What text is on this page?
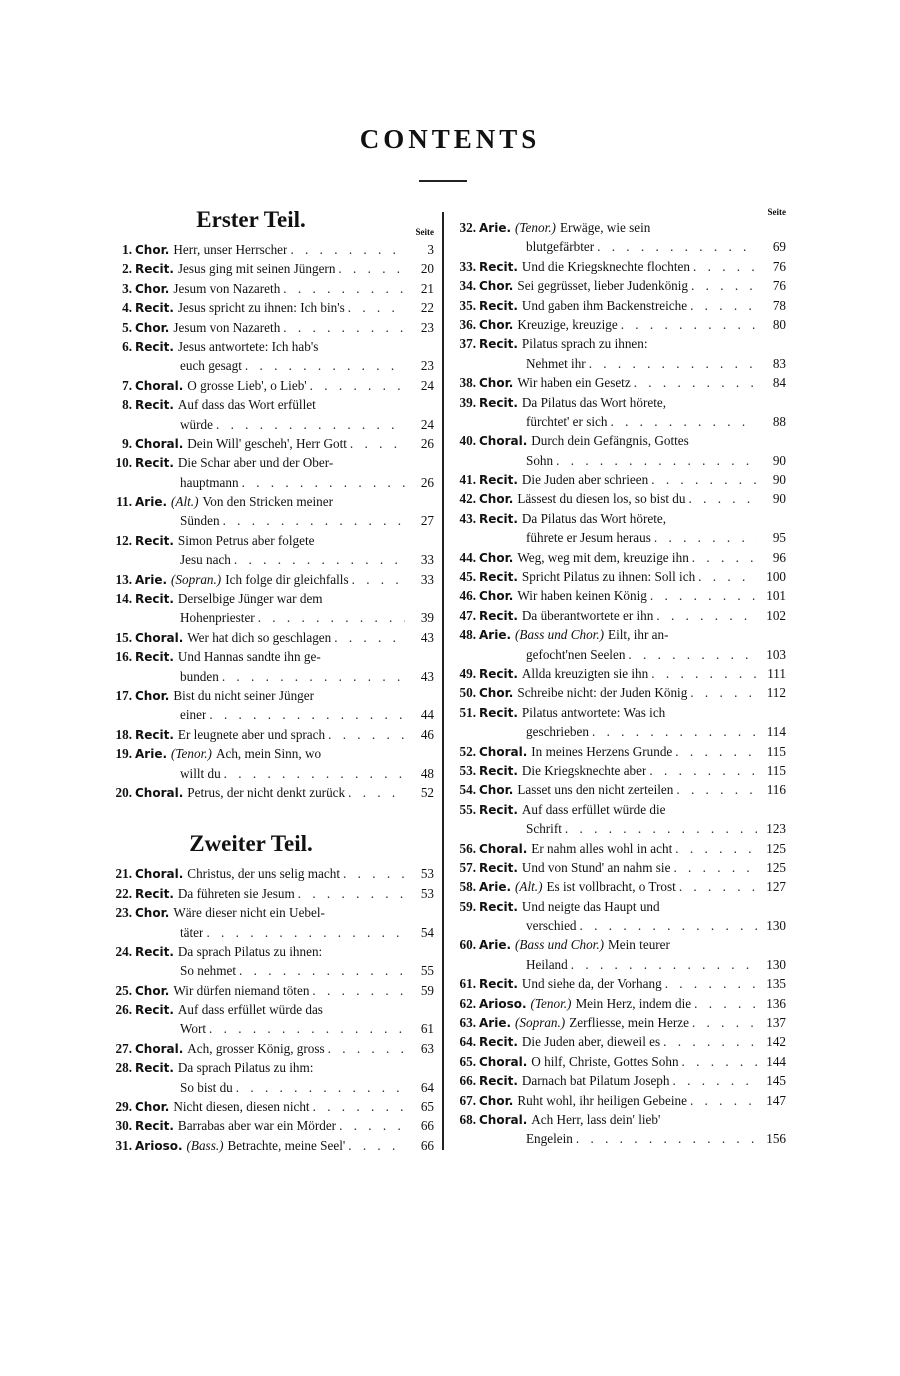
CONTENTS
Erster Teil.	Seite
1. Chor. Herr, unser Herrscher . . .	3
2. Recit. Jesus ging mit seinen Jüngern . . .	20
3. Chor. Jesum von Nazareth . . .	21
4. Recit. Jesus spricht zu ihnen: Ich bin's . . .	22
5. Chor. Jesum von Nazareth . . .	23
6. Recit. Jesus antwortete: Ich hab's
euch gesagt . . .	23
7. Choral. O grosse Lieb', o Lieb' . . .	24
8. Recit. Auf dass das Wort erfüllet
würde . . .	24
9. Choral. Dein Will' gescheh', Herr Gott . . .	26
10. Recit. Die Schar aber und der Ober-
hauptmann . . .	26
11. Arie. (Alt.) Von den Stricken meiner
Sünden . . .	27
12. Recit. Simon Petrus aber folgete
Jesu nach . . .	33
13. Arie. (Sopran.) Ich folge dir gleichfalls . . .	33
14. Recit. Derselbige Jünger war dem
Hohenpriester . . .	39
15. Choral. Wer hat dich so geschlagen . . .	43
16. Recit. Und Hannas sandte ihn ge-
bunden . . .	43
17. Chor. Bist du nicht seiner Jünger
einer . . .	44
18. Recit. Er leugnete aber und sprach . . .	46
19. Arie. (Tenor.) Ach, mein Sinn, wo
willt du . . .	48
20. Choral. Petrus, der nicht denkt zurück . . .	52
Zweiter Teil.
21. Choral. Christus, der uns selig macht . . .	53
22. Recit. Da führeten sie Jesum . . .	53
23. Chor. Wäre dieser nicht ein Uebel-
täter . . .	54
24. Recit. Da sprach Pilatus zu ihnen:
So nehmet . . .	55
25. Chor. Wir dürfen niemand töten . . .	59
26. Recit. Auf dass erfüllet würde das
Wort . . .	61
27. Choral. Ach, grosser König, gross . . .	63
28. Recit. Da sprach Pilatus zu ihm:
So bist du . . .	64
29. Chor. Nicht diesen, diesen nicht . . .	65
30. Recit. Barrabas aber war ein Mörder . . .	66
31. Arioso. (Bass.) Betrachte, meine Seel' . . .	66
Seite
32. Arie. (Tenor.) Erwäge, wie sein
blutgefärbter . . .	69
33. Recit. Und die Kriegsknechte flochten . . .	76
34. Chor. Sei gegrüsset, lieber Judenkönig . . .	76
35. Recit. Und gaben ihm Backenstreiche . . .	78
36. Chor. Kreuzige, kreuzige . . .	80
37. Recit. Pilatus sprach zu ihnen:
Nehmet ihr . . .	83
38. Chor. Wir haben ein Gesetz . . .	84
39. Recit. Da Pilatus das Wort hörete,
fürchtet' er sich . . .	88
40. Choral. Durch dein Gefängnis, Gottes
Sohn . . .	90
41. Recit. Die Juden aber schrieen . . .	90
42. Chor. Lässest du diesen los, so bist du . . .	90
43. Recit. Da Pilatus das Wort hörete,
führete er Jesum heraus . . .	95
44. Chor. Weg, weg mit dem, kreuzige ihn . . .	96
45. Recit. Spricht Pilatus zu ihnen: Soll ich . . .	100
46. Chor. Wir haben keinen König . . .	101
47. Recit. Da überantwortete er ihn . . .	102
48. Arie. (Bass und Chor.) Eilt, ihr an-
gefocht'nen Seelen . . .	103
49. Recit. Allda kreuzigten sie ihn . . .	111
50. Chor. Schreibe nicht: der Juden König . . .	112
51. Recit. Pilatus antwortete: Was ich
geschrieben . . .	114
52. Choral. In meines Herzens Grunde . . .	115
53. Recit. Die Kriegsknechte aber . . .	115
54. Chor. Lasset uns den nicht zerteilen . . .	116
55. Recit. Auf dass erfüllet würde die
Schrift . . .	123
56. Choral. Er nahm alles wohl in acht . . .	125
57. Recit. Und von Stund' an nahm sie . . .	125
58. Arie. (Alt.) Es ist vollbracht, o Trost . . .	127
59. Recit. Und neigte das Haupt und
verschied . . .	130
60. Arie. (Bass und Chor.) Mein teurer
Heiland . . .	130
61. Recit. Und siehe da, der Vorhang . . .	135
62. Arioso. (Tenor.) Mein Herz, indem die . . .	136
63. Arie. (Sopran.) Zerfliesse, mein Herze . . .	137
64. Recit. Die Juden aber, dieweil es . . .	142
65. Choral. O hilf, Christe, Gottes Sohn . . .	144
66. Recit. Darnach bat Pilatum Joseph . . .	145
67. Chor. Ruht wohl, ihr heiligen Gebeine . . .	147
68. Choral. Ach Herr, lass dein' lieb'
Engelein . . .	156
